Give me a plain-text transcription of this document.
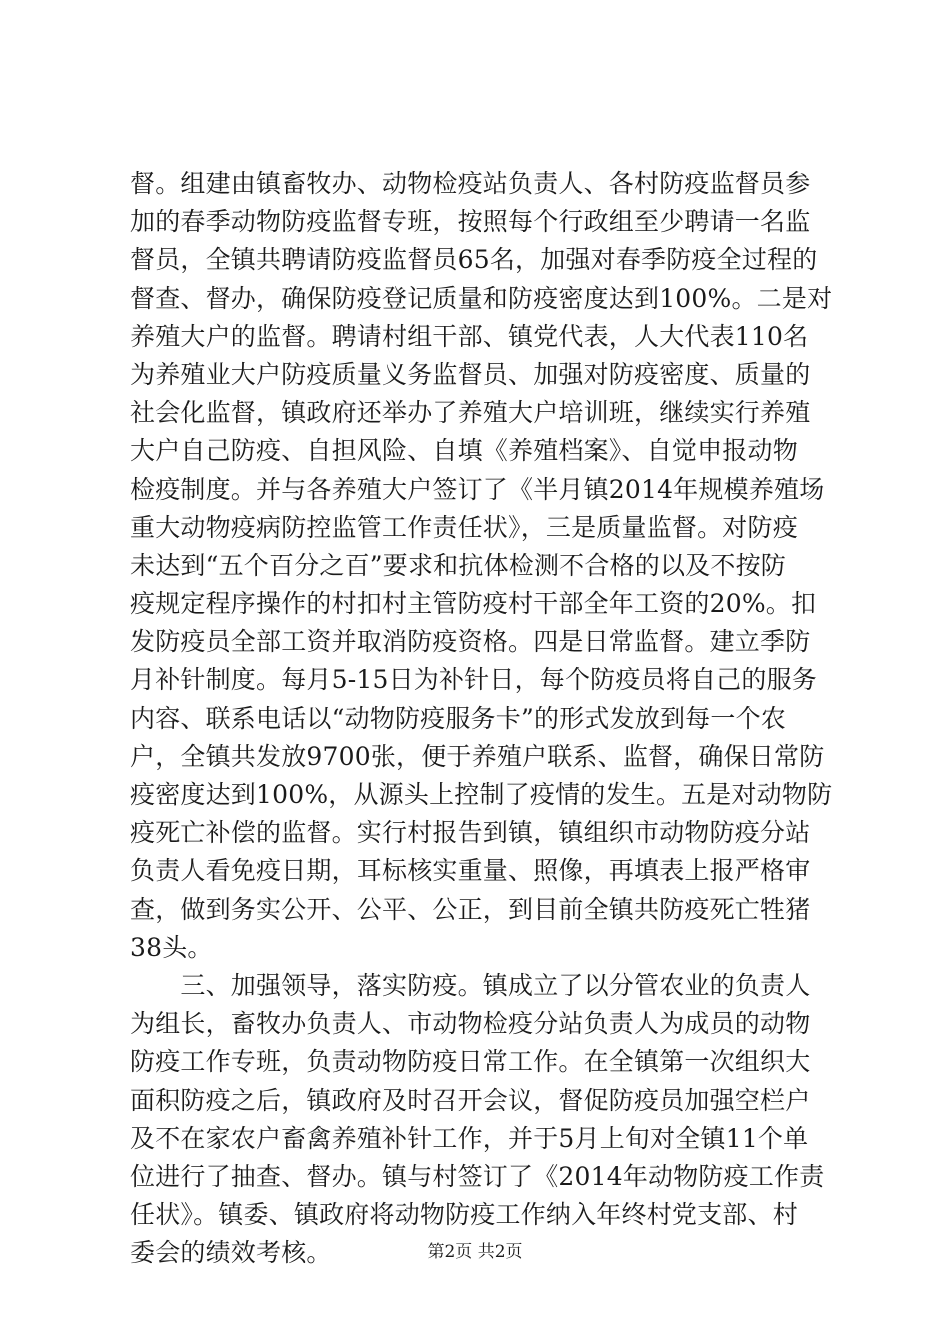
督。组建由镇畜牧办、动物检疫站负责人、各村防疫监督员参
加的春季动物防疫监督专班，按照每个行政组至少聘请一名监
督员，全镇共聘请防疫监督员65名，加强对春季防疫全过程的
督查、督办，确保防疫登记质量和防疫密度达到100%。二是对
养殖大户的监督。聘请村组干部、镇党代表，人大代表110名
为养殖业大户防疫质量义务监督员、加强对防疫密度、质量的
社会化监督，镇政府还举办了养殖大户培训班，继续实行养殖
大户自己防疫、自担风险、自填《养殖档案》、自觉申报动物
检疫制度。并与各养殖大户签订了《半月镇2014年规模养殖场
重大动物疫病防控监管工作责任状》，三是质量监督。对防疫
未达到“五个百分之百”要求和抗体检测不合格的以及不按防
疫规定程序操作的村扣村主管防疫村干部全年工资的20%。扣
发防疫员全部工资并取消防疫资格。四是日常监督。建立季防
月补针制度。每月5-15日为补针日，每个防疫员将自己的服务
内容、联系电话以“动物防疫服务卡”的形式发放到每一个农
户，全镇共发放9700张，便于养殖户联系、监督，确保日常防
疫密度达到100%，从源头上控制了疫情的发生。五是对动物防
疫死亡补偿的监督。实行村报告到镇，镇组织市动物防疫分站
负责人看免疫日期，耳标核实重量、照像，再填表上报严格审
查，做到务实公开、公平、公正，到目前全镇共防疫死亡牲猪
38头。
　　三、加强领导，落实防疫。镇成立了以分管农业的负责人
为组长，畜牧办负责人、市动物检疫分站负责人为成员的动物
防疫工作专班，负责动物防疫日常工作。在全镇第一次组织大
面积防疫之后，镇政府及时召开会议，督促防疫员加强空栏户
及不在家农户畜禽养殖补针工作，并于5月上旬对全镇11个单
位进行了抽查、督办。镇与村签订了《2014年动物防疫工作责
任状》。镇委、镇政府将动物防疫工作纳入年终村党支部、村
委会的绩效考核。	第2页 共2页
